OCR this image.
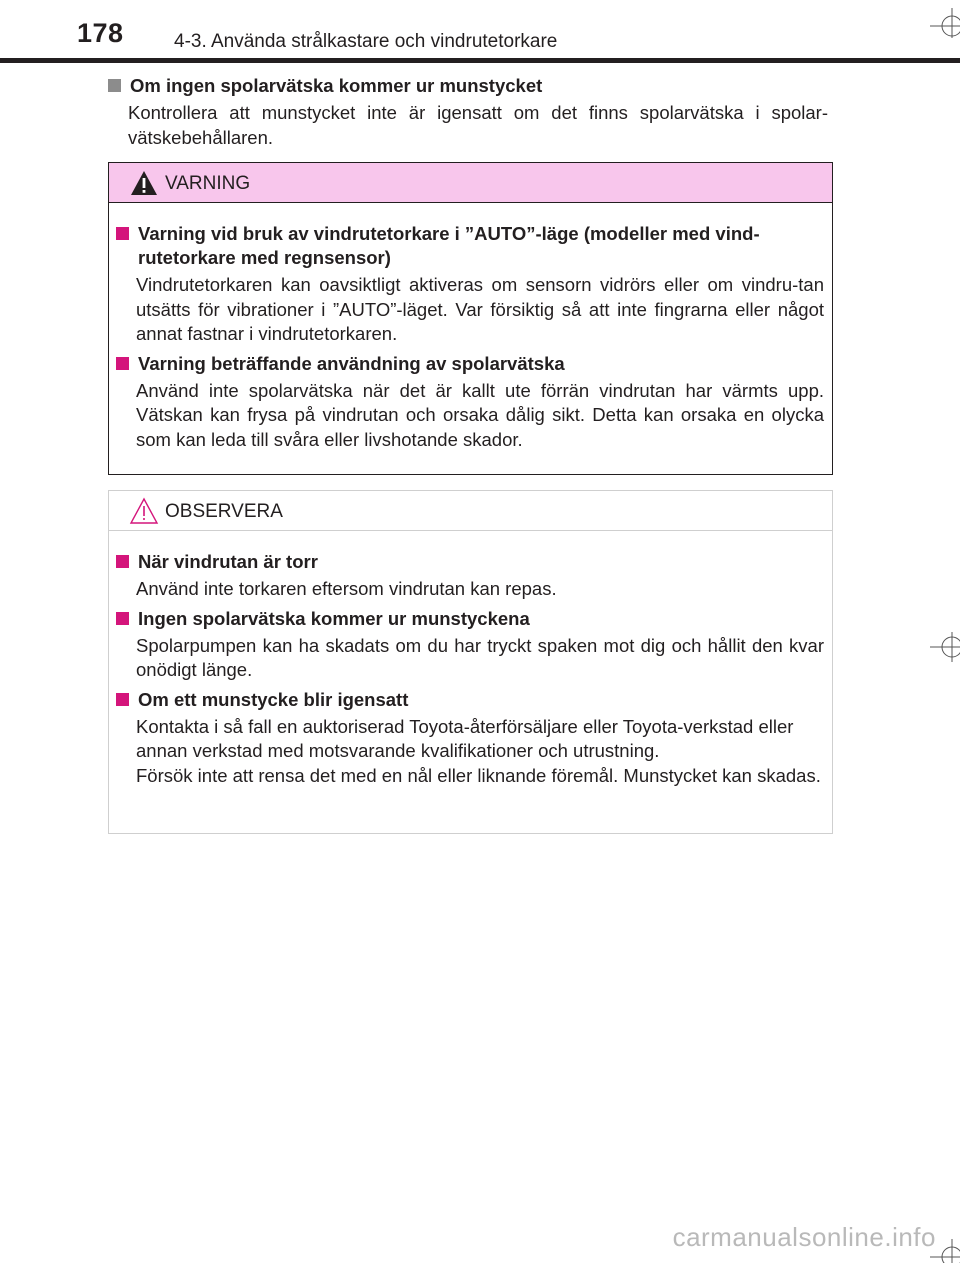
178	4-3. Använda strålkastare och vindrutetorkare
Om ingen spolarvätska kommer ur munstycket
Kontrollera att munstycket inte är igensatt om det finns spolarvätska i spolar-vätskebehållaren.
VARNING
Varning vid bruk av vindrutetorkare i ”AUTO”-läge (modeller med vind-rutetorkare med regnsensor)
Vindrutetorkaren kan oavsiktligt aktiveras om sensorn vidrörs eller om vindru-tan utsätts för vibrationer i ”AUTO”-läget. Var försiktig så att inte fingrarna eller något annat fastnar i vindrutetorkaren.
Varning beträffande användning av spolarvätska
Använd inte spolarvätska när det är kallt ute förrän vindrutan har värmts upp. Vätskan kan frysa på vindrutan och orsaka dålig sikt. Detta kan orsaka en olycka som kan leda till svåra eller livshotande skador.
OBSERVERA
När vindrutan är torr
Använd inte torkaren eftersom vindrutan kan repas.
Ingen spolarvätska kommer ur munstyckena
Spolarpumpen kan ha skadats om du har tryckt spaken mot dig och hållit den kvar onödigt länge.
Om ett munstycke blir igensatt
Kontakta i så fall en auktoriserad Toyota-återförsäljare eller Toyota-verkstad eller annan verkstad med motsvarande kvalifikationer och utrustning.
Försök inte att rensa det med en nål eller liknande föremål. Munstycket kan skadas.
carmanualsonline.info
